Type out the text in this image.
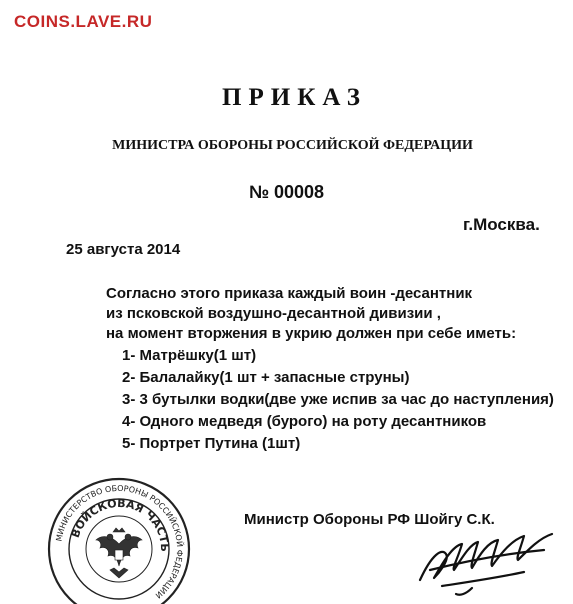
COINS.LAVE.RU
ПРИКАЗ
МИНИСТРА ОБОРОНЫ РОССИЙСКОЙ ФЕДЕРАЦИИ
№ 00008
г.Москва.
25 августа 2014
Согласно этого приказа каждый воин -десантник
из псковской воздушно-десантной дивизии ,
на момент вторжения в укрию должен при себе иметь:
1- Матрёшку(1 шт)
2- Балалайку(1 шт + запасные струны)
3- 3 бутылки водки(две уже испив за час до наступления)
4- Одного медведя (бурого) на роту десантников
5- Портрет Путина (1шт)
Министр Обороны РФ Шойгу С.К.
МИНИСТЕРСТВО ОБОРОНЫ РОССИЙСКОЙ ФЕДЕРАЦИИ
ВОЙСКОВАЯ ЧАСТЬ
